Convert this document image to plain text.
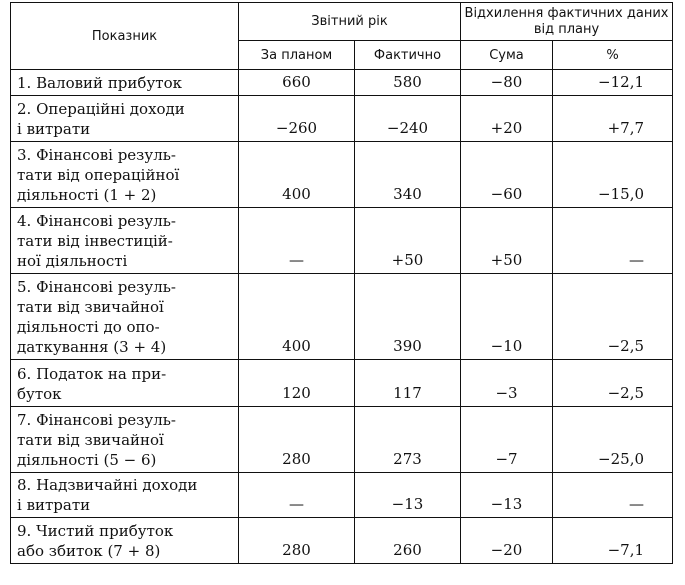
Показник	Звітний рік		Відхилення фактичних даних від плану	
	За планом	Фактично	Сума	%
1. Валовий прибуток	660	580	−80	−12,1
2. Операційні доходи
і витрати	−260	−240	+20	+7,7
3. Фінансові резуль-
тати від операційної
діяльності (1 + 2)	400	340	−60	−15,0
4. Фінансові резуль-
тати від інвестицій-
ної діяльності	—	+50	+50	—
5. Фінансові резуль-
тати від звичайної
діяльності до опо-
даткування (3 + 4)	400	390	−10	−2,5
6. Податок на при-
буток	120	117	−3	−2,5
7. Фінансові резуль-
тати від звичайної
діяльності (5 − 6)	280	273	−7	−25,0
8. Надзвичайні доходи
і витрати	—	−13	−13	—
9. Чистий прибуток
або збиток (7 + 8)	280	260	−20	−7,1
